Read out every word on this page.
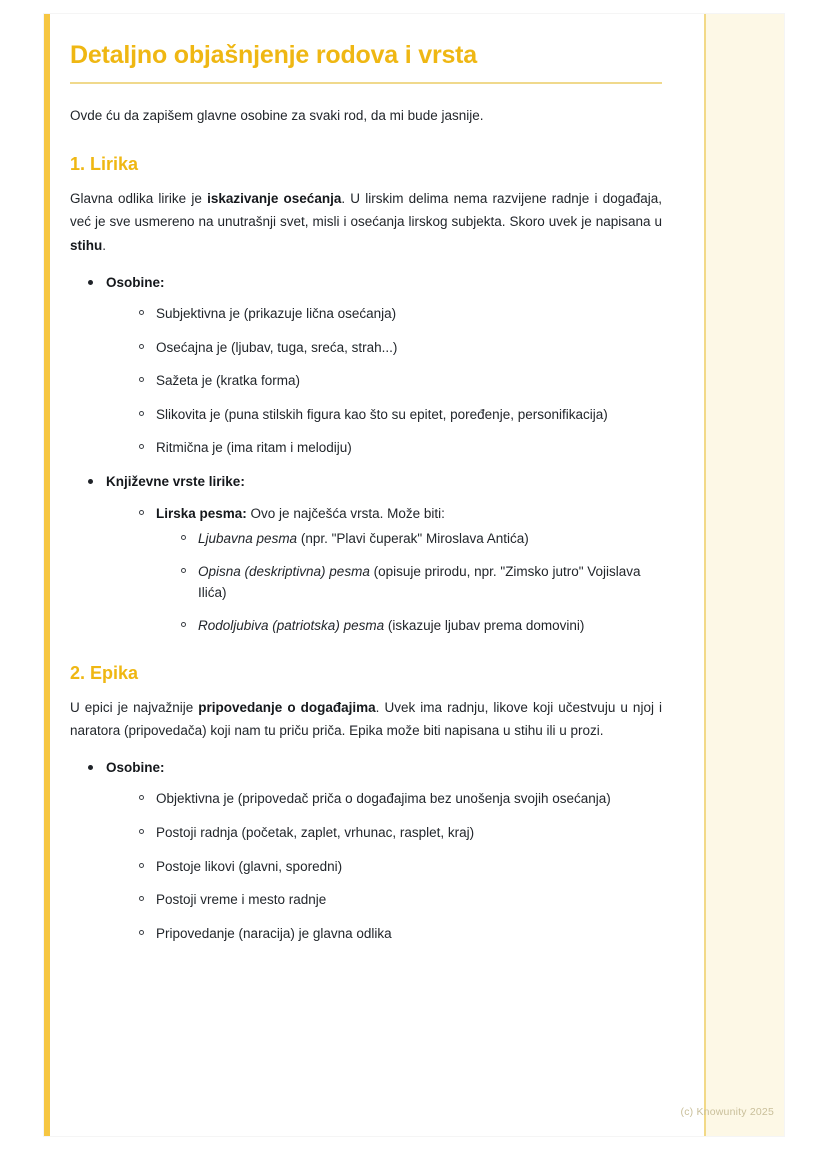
Detaljno objašnjenje rodova i vrsta

Ovde ću da zapišem glavne osobine za svaki rod, da mi bude jasnije.

1. Lirika

Glavna odlika lirike je iskazivanje osećanja. U lirskim delima nema razvijene radnje i događaja, već je sve usmereno na unutrašnji svet, misli i osećanja lirskog subjekta. Skoro uvek je napisana u stihu.

Osobine:
Subjektivna je (prikazuje lična osećanja)
Osećajna je (ljubav, tuga, sreća, strah...)
Sažeta je (kratka forma)
Slikovita je (puna stilskih figura kao što su epitet, poređenje, personifikacija)
Ritmična je (ima ritam i melodiju)
Književne vrste lirike:
Lirska pesma: Ovo je najčešća vrsta. Može biti:
Ljubavna pesma (npr. "Plavi čuperak" Miroslava Antića)
Opisna (deskriptivna) pesma (opisuje prirodu, npr. "Zimsko jutro" Vojislava Ilića)
Rodoljubiva (patriotska) pesma (iskazuje ljubav prema domovini)
2. Epika

U epici je najvažnije pripovedanje o događajima. Uvek ima radnju, likove koji učestvuju u njoj i naratora (pripovedača) koji nam tu priču priča. Epika može biti napisana u stihu ili u prozi.

Osobine:
Objektivna je (pripovedač priča o događajima bez unošenja svojih osećanja)
Postoji radnja (početak, zaplet, vrhunac, rasplet, kraj)
Postoje likovi (glavni, sporedni)
Postoji vreme i mesto radnje
Pripovedanje (naracija) je glavna odlika
(c) Knowunity 2025
